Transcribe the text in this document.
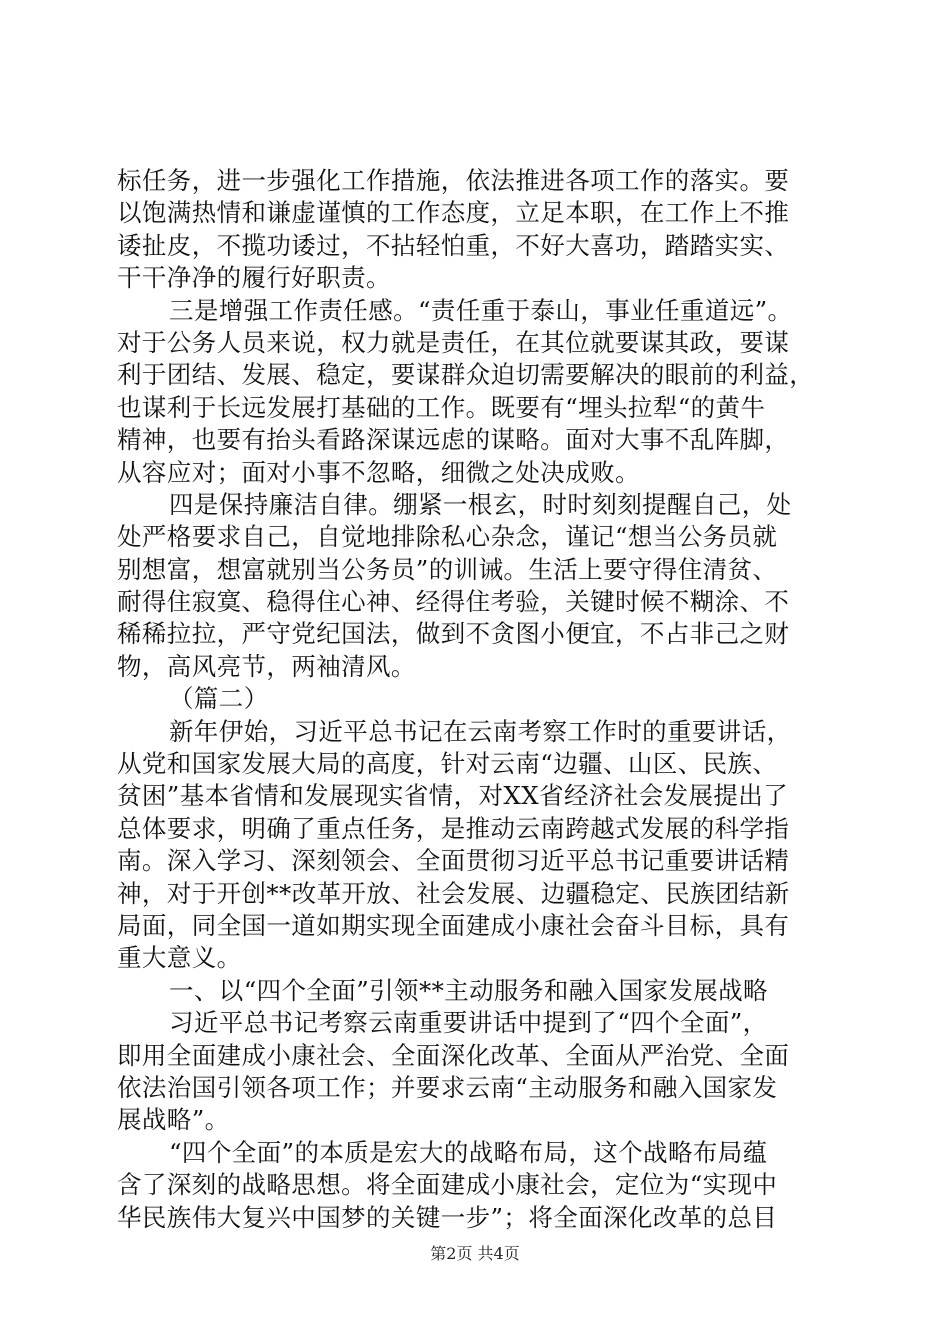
标任务，进一步强化工作措施，依法推进各项工作的落实。要
以饱满热情和谦虚谨慎的工作态度，立足本职，在工作上不推
诿扯皮，不揽功诿过，不拈轻怕重，不好大喜功，踏踏实实、
干干净净的履行好职责。
三是增强工作责任感。“责任重于泰山，事业任重道远”。
对于公务人员来说，权力就是责任，在其位就要谋其政，要谋
利于团结、发展、稳定，要谋群众迫切需要解决的眼前的利益，
也谋利于长远发展打基础的工作。既要有“埋头拉犁“的黄牛
精神，也要有抬头看路深谋远虑的谋略。面对大事不乱阵脚，
从容应对；面对小事不忽略，细微之处决成败。
四是保持廉洁自律。绷紧一根玄，时时刻刻提醒自己，处
处严格要求自己，自觉地排除私心杂念，谨记“想当公务员就
别想富，想富就别当公务员”的训诫。生活上要守得住清贫、
耐得住寂寞、稳得住心神、经得住考验，关键时候不糊涂、不
稀稀拉拉，严守党纪国法，做到不贪图小便宜，不占非己之财
物，高风亮节，两袖清风。
（篇二）
新年伊始，习近平总书记在云南考察工作时的重要讲话，
从党和国家发展大局的高度，针对云南“边疆、山区、民族、
贫困”基本省情和发展现实省情，对XX省经济社会发展提出了
总体要求，明确了重点任务，是推动云南跨越式发展的科学指
南。深入学习、深刻领会、全面贯彻习近平总书记重要讲话精
神，对于开创**改革开放、社会发展、边疆稳定、民族团结新
局面，同全国一道如期实现全面建成小康社会奋斗目标，具有
重大意义。
一、以“四个全面”引领**主动服务和融入国家发展战略
习近平总书记考察云南重要讲话中提到了“四个全面”，
即用全面建成小康社会、全面深化改革、全面从严治党、全面
依法治国引领各项工作；并要求云南“主动服务和融入国家发
展战略”。
“四个全面”的本质是宏大的战略布局，这个战略布局蕴
含了深刻的战略思想。将全面建成小康社会，定位为“实现中
华民族伟大复兴中国梦的关键一步”；将全面深化改革的总目
第2页 共4页
